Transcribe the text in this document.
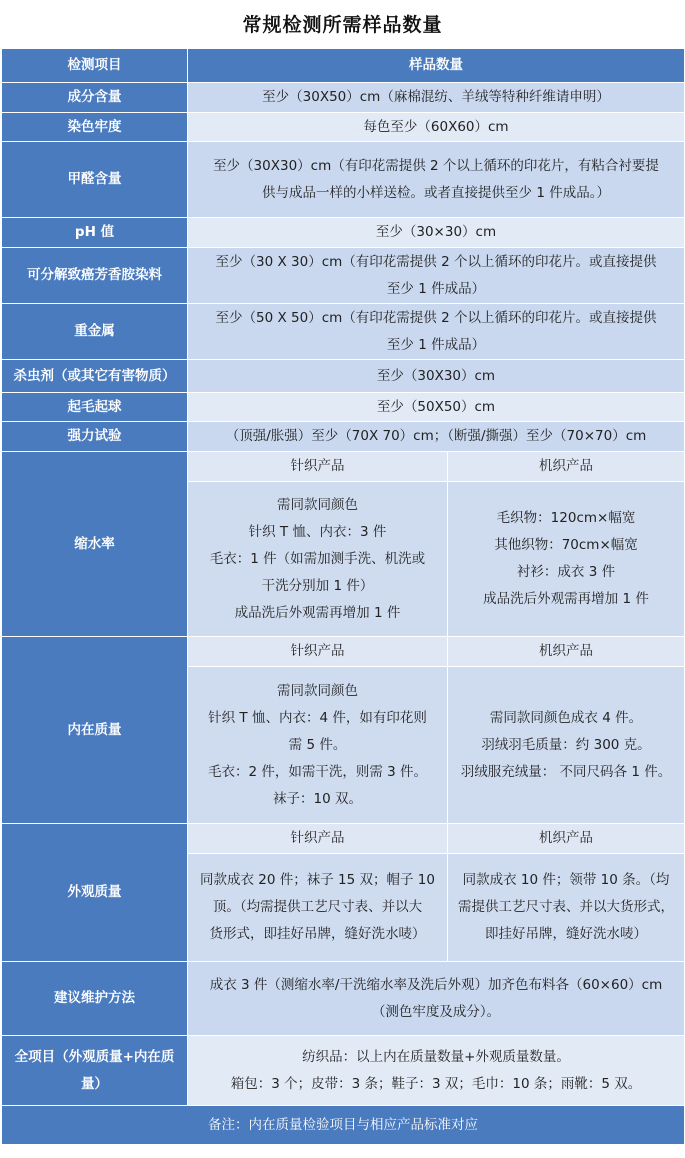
常规检测所需样品数量
检测项目	样品数量	
成分含量	至少（30X50）cm（麻棉混纺、羊绒等特种纤维请申明）	
染色牢度	每色至少（60X60）cm	
甲醛含量	至少（30X30）cm（有印花需提供 2 个以上循环的印花片，有粘合衬要提
供与成品一样的小样送检。或者直接提供至少 1 件成品。）	

pH 值	至少（30×30）cm	
可分解致癌芳香胺染料	至少（30 X 30）cm（有印花需提供 2 个以上循环的印花片。或直接提供
至少 1 件成品）	

重金属	至少（50 X 50）cm（有印花需提供 2 个以上循环的印花片。或直接提供
至少 1 件成品）	

杀虫剂（或其它有害物质）	至少（30X30）cm	
起毛起球	至少（50X50）cm	
强力试验	（顶强/胀强）至少（70X 70）cm；（断强/撕强）至少（70×70）cm	
缩水率	针织产品	机织产品

	需同款同颜色
针织 T 恤、内衣：3 件
毛衣：1 件（如需加测手洗、机洗或
干洗分别加 1 件）
成品洗后外观需再增加 1 件	毛织物：120cm×幅宽
其他织物：70cm×幅宽
衬衫：成衣 3 件
成品洗后外观需再增加 1 件

内在质量	针织产品	机织产品

	需同款同颜色
针织 T 恤、内衣：4 件，如有印花则
需 5 件。
毛衣：2 件，如需干洗，则需 3 件。
袜子：10 双。	需同款同颜色成衣 4 件。
羽绒羽毛质量：约 300 克。
羽绒服充绒量： 不同尺码各 1 件。

外观质量	针织产品	机织产品

	同款成衣 20 件；袜子 15 双；帽子 10
顶。（均需提供工艺尺寸表、并以大
货形式，即挂好吊牌，缝好洗水唛）	同款成衣 10 件；领带 10 条。（均
需提供工艺尺寸表、并以大货形式，
即挂好吊牌，缝好洗水唛）

建议维护方法	成衣 3 件（测缩水率/干洗缩水率及洗后外观）加齐色布料各（60×60）cm
（测色牢度及成分）。	

全项目（外观质量+内在质
量）	纺织品：以上内在质量数量+外观质量数量。
箱包：3 个；皮带：3 条；鞋子：3 双；毛巾：10 条；雨靴：5 双。	

备注：内在质量检验项目与相应产品标准对应		
